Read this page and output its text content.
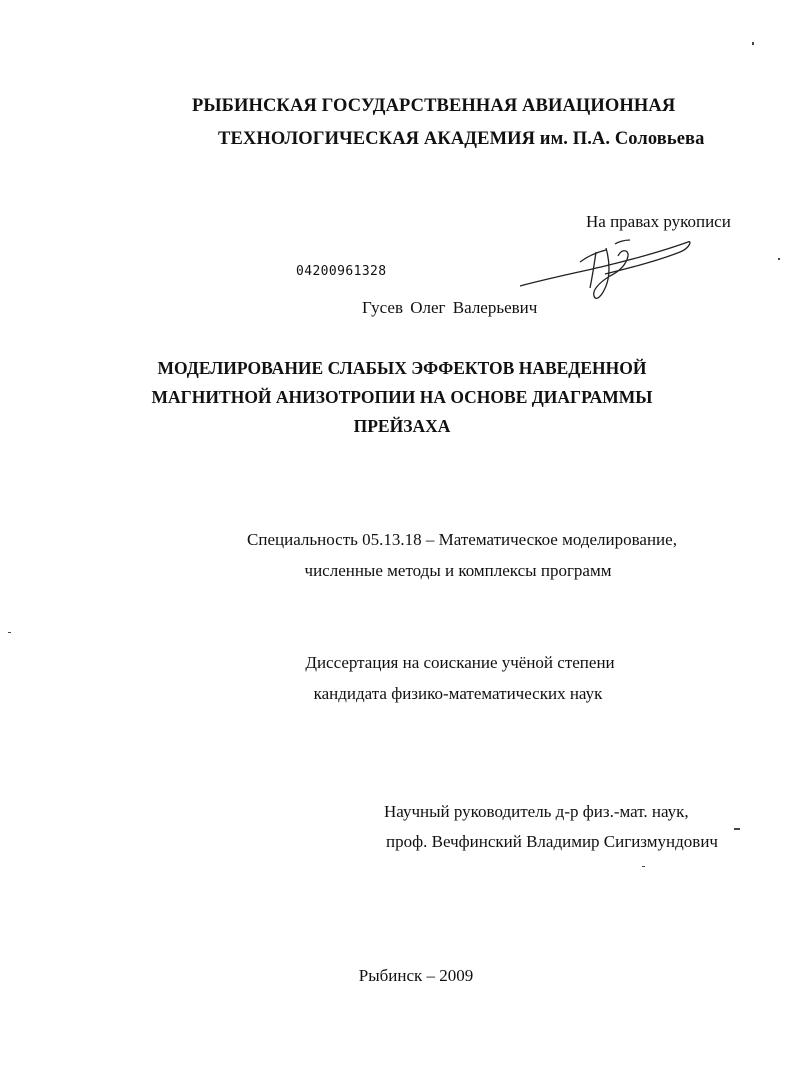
РЫБИНСКАЯ ГОСУДАРСТВЕННАЯ АВИАЦИОННАЯ
ТЕХНОЛОГИЧЕСКАЯ АКАДЕМИЯ им. П.А. Соловьева
На правах рукописи
04200961328
Гусев Олег Валерьевич
МОДЕЛИРОВАНИЕ СЛАБЫХ ЭФФЕКТОВ НАВЕДЕННОЙ
МАГНИТНОЙ АНИЗОТРОПИИ НА ОСНОВЕ ДИАГРАММЫ
ПРЕЙЗАХА
Специальность 05.13.18 – Математическое моделирование,
численные методы и комплексы программ
Диссертация на соискание учёной степени
кандидата физико-математических наук
Научный руководитель д-р физ.-мат. наук,
проф. Вечфинский Владимир Сигизмундович
Рыбинск – 2009
